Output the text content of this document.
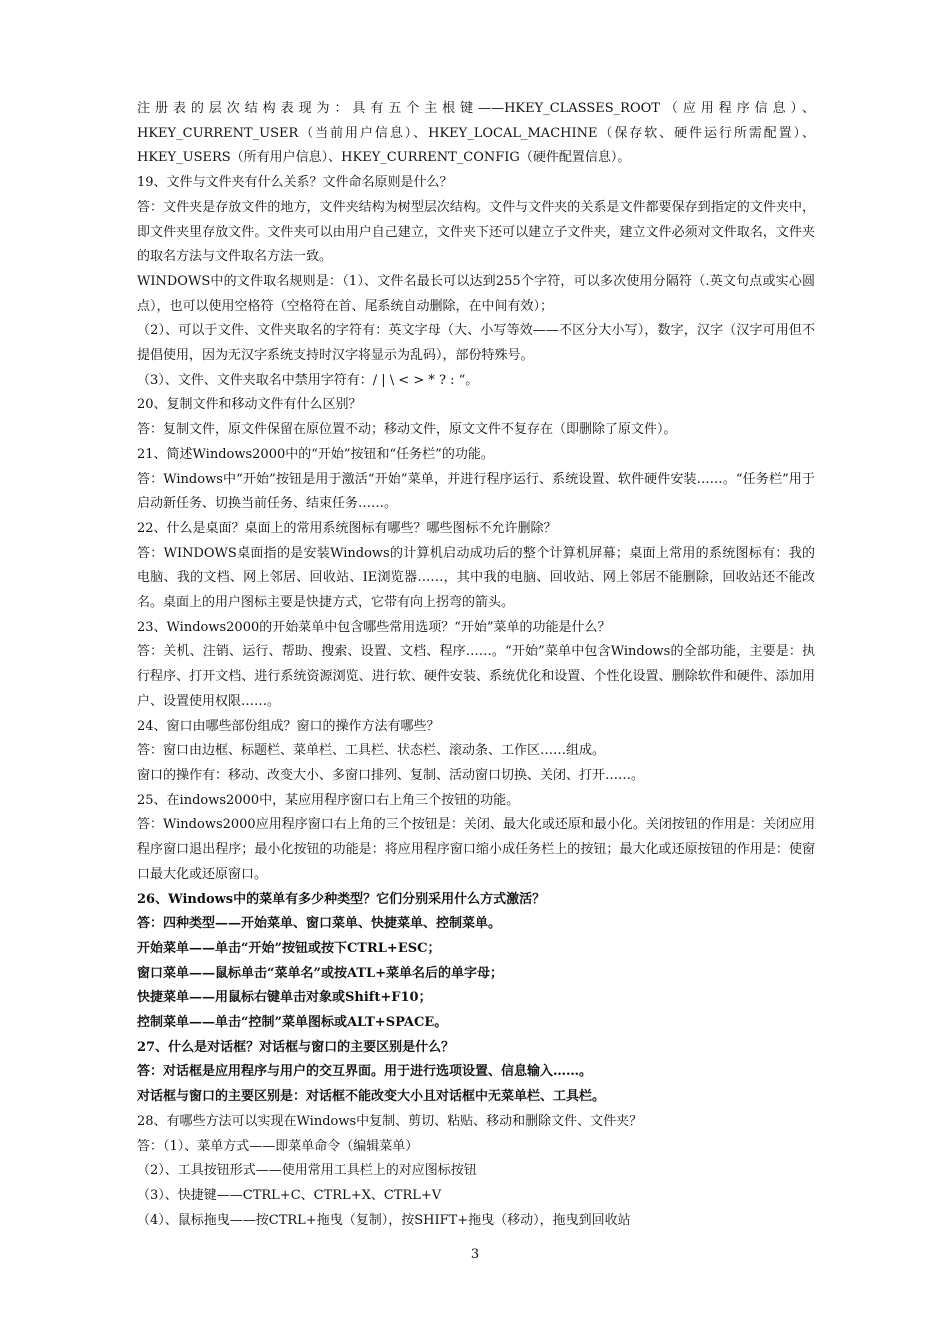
注册表的层次结构表现为：具有五个主根键——HKEY_CLASSES_ROOT（应用程序信息）、HKEY_CURRENT_USER（当前用户信息）、HKEY_LOCAL_MACHINE（保存软、硬件运行所需配置）、HKEY_USERS（所有用户信息）、HKEY_CURRENT_CONFIG（硬件配置信息）。

19、文件与文件夹有什么关系？文件命名原则是什么？

答：文件夹是存放文件的地方，文件夹结构为树型层次结构。文件与文件夹的关系是文件都要保存到指定的文件夹中，即文件夹里存放文件。文件夹可以由用户自己建立，文件夹下还可以建立子文件夹，建立文件必须对文件取名，文件夹的取名方法与文件取名方法一致。

WINDOWS中的文件取名规则是：（1）、文件名最长可以达到255个字符，可以多次使用分隔符（.英文句点或实心圆点），也可以使用空格符（空格符在首、尾系统自动删除，在中间有效）；

（2）、可以于文件、文件夹取名的字符有：英文字母（大、小写等效——不区分大小写），数字，汉字（汉字可用但不提倡使用，因为无汉字系统支持时汉字将显示为乱码），部份特殊号。

（3）、文件、文件夹取名中禁用字符有：/ | \ < > * ? : “。

20、复制文件和移动文件有什么区别？

答：复制文件，原文件保留在原位置不动；移动文件，原文文件不复存在（即删除了原文件）。

21、简述Windows2000中的“开始”按钮和“任务栏”的功能。

答：Windows中“开始”按钮是用于激活“开始”菜单，并进行程序运行、系统设置、软件硬件安装……。“任务栏”用于启动新任务、切换当前任务、结束任务……。

22、什么是桌面？桌面上的常用系统图标有哪些？哪些图标不允许删除？

答：WINDOWS桌面指的是安装Windows的计算机启动成功后的整个计算机屏幕；桌面上常用的系统图标有：我的电脑、我的文档、网上邻居、回收站、IE浏览器……，其中我的电脑、回收站、网上邻居不能删除，回收站还不能改名。桌面上的用户图标主要是快捷方式，它带有向上拐弯的箭头。

23、Windows2000的开始菜单中包含哪些常用选项？“开始”菜单的功能是什么？

答：关机、注销、运行、帮助、搜索、设置、文档、程序……。“开始”菜单中包含Windows的全部功能，主要是：执行程序、打开文档、进行系统资源浏览、进行软、硬件安装、系统优化和设置、个性化设置、删除软件和硬件、添加用户、设置使用权限……。

24、窗口由哪些部份组成？窗口的操作方法有哪些？

答：窗口由边框、标题栏、菜单栏、工具栏、状态栏、滚动条、工作区……组成。

窗口的操作有：移动、改变大小、多窗口排列、复制、活动窗口切换、关闭、打开……。

25、在indows2000中，某应用程序窗口右上角三个按钮的功能。

答：Windows2000应用程序窗口右上角的三个按钮是：关闭、最大化或还原和最小化。关闭按钮的作用是：关闭应用程序窗口退出程序；最小化按钮的功能是：将应用程序窗口缩小成任务栏上的按钮；最大化或还原按钮的作用是：使窗口最大化或还原窗口。

26、Windows中的菜单有多少种类型？它们分别采用什么方式激活？

答：四种类型——开始菜单、窗口菜单、快捷菜单、控制菜单。

开始菜单——单击“开始”按钮或按下CTRL+ESC；

窗口菜单——鼠标单击“菜单名”或按ATL+菜单名后的单字母；

快捷菜单——用鼠标右键单击对象或Shift+F10；

控制菜单——单击“控制”菜单图标或ALT+SPACE。

27、什么是对话框？对话框与窗口的主要区别是什么？

答：对话框是应用程序与用户的交互界面。用于进行选项设置、信息输入……。

对话框与窗口的主要区别是：对话框不能改变大小且对话框中无菜单栏、工具栏。

28、有哪些方法可以实现在Windows中复制、剪切、粘贴、移动和删除文件、文件夹？

答：（1）、菜单方式——即菜单命令（编辑菜单）

（2）、工具按钮形式——使用常用工具栏上的对应图标按钮

（3）、快捷键——CTRL+C、CTRL+X、CTRL+V

（4）、鼠标拖曳——按CTRL+拖曳（复制），按SHIFT+拖曳（移动），拖曳到回收站

3
